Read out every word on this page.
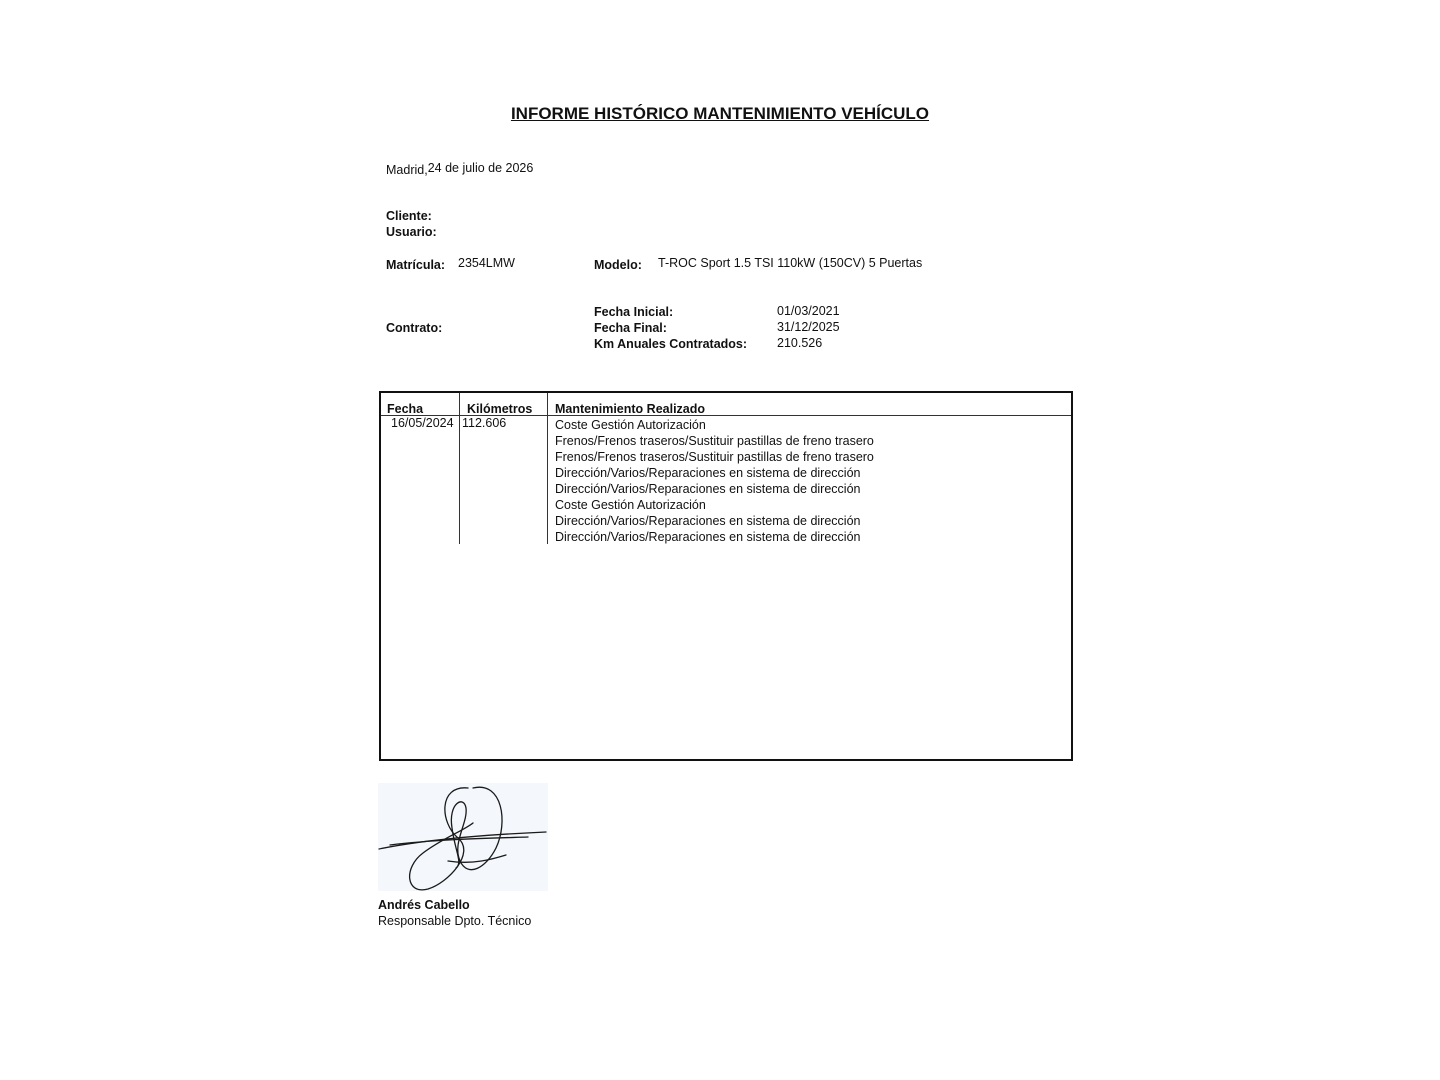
INFORME HISTÓRICO MANTENIMIENTO VEHÍCULO
Madrid,24 de julio de 2026
Cliente:
Usuario:
Matrícula: 2354LMW	Modelo: T-ROC Sport 1.5 TSI 110kW (150CV) 5 Puertas
Contrato:
Fecha Inicial:	01/03/2021
Fecha Final:	31/12/2025
Km Anuales Contratados: 210.526
Fecha	Kilómetros Mantenimiento Realizado
16/05/2024 112.606	Coste Gestión Autorización
Frenos/Frenos traseros/Sustituir pastillas de freno trasero
Frenos/Frenos traseros/Sustituir pastillas de freno trasero
Dirección/Varios/Reparaciones en sistema de dirección
Dirección/Varios/Reparaciones en sistema de dirección
Coste Gestión Autorización
Dirección/Varios/Reparaciones en sistema de dirección
Dirección/Varios/Reparaciones en sistema de dirección
Andrés Cabello
Responsable Dpto. Técnico
